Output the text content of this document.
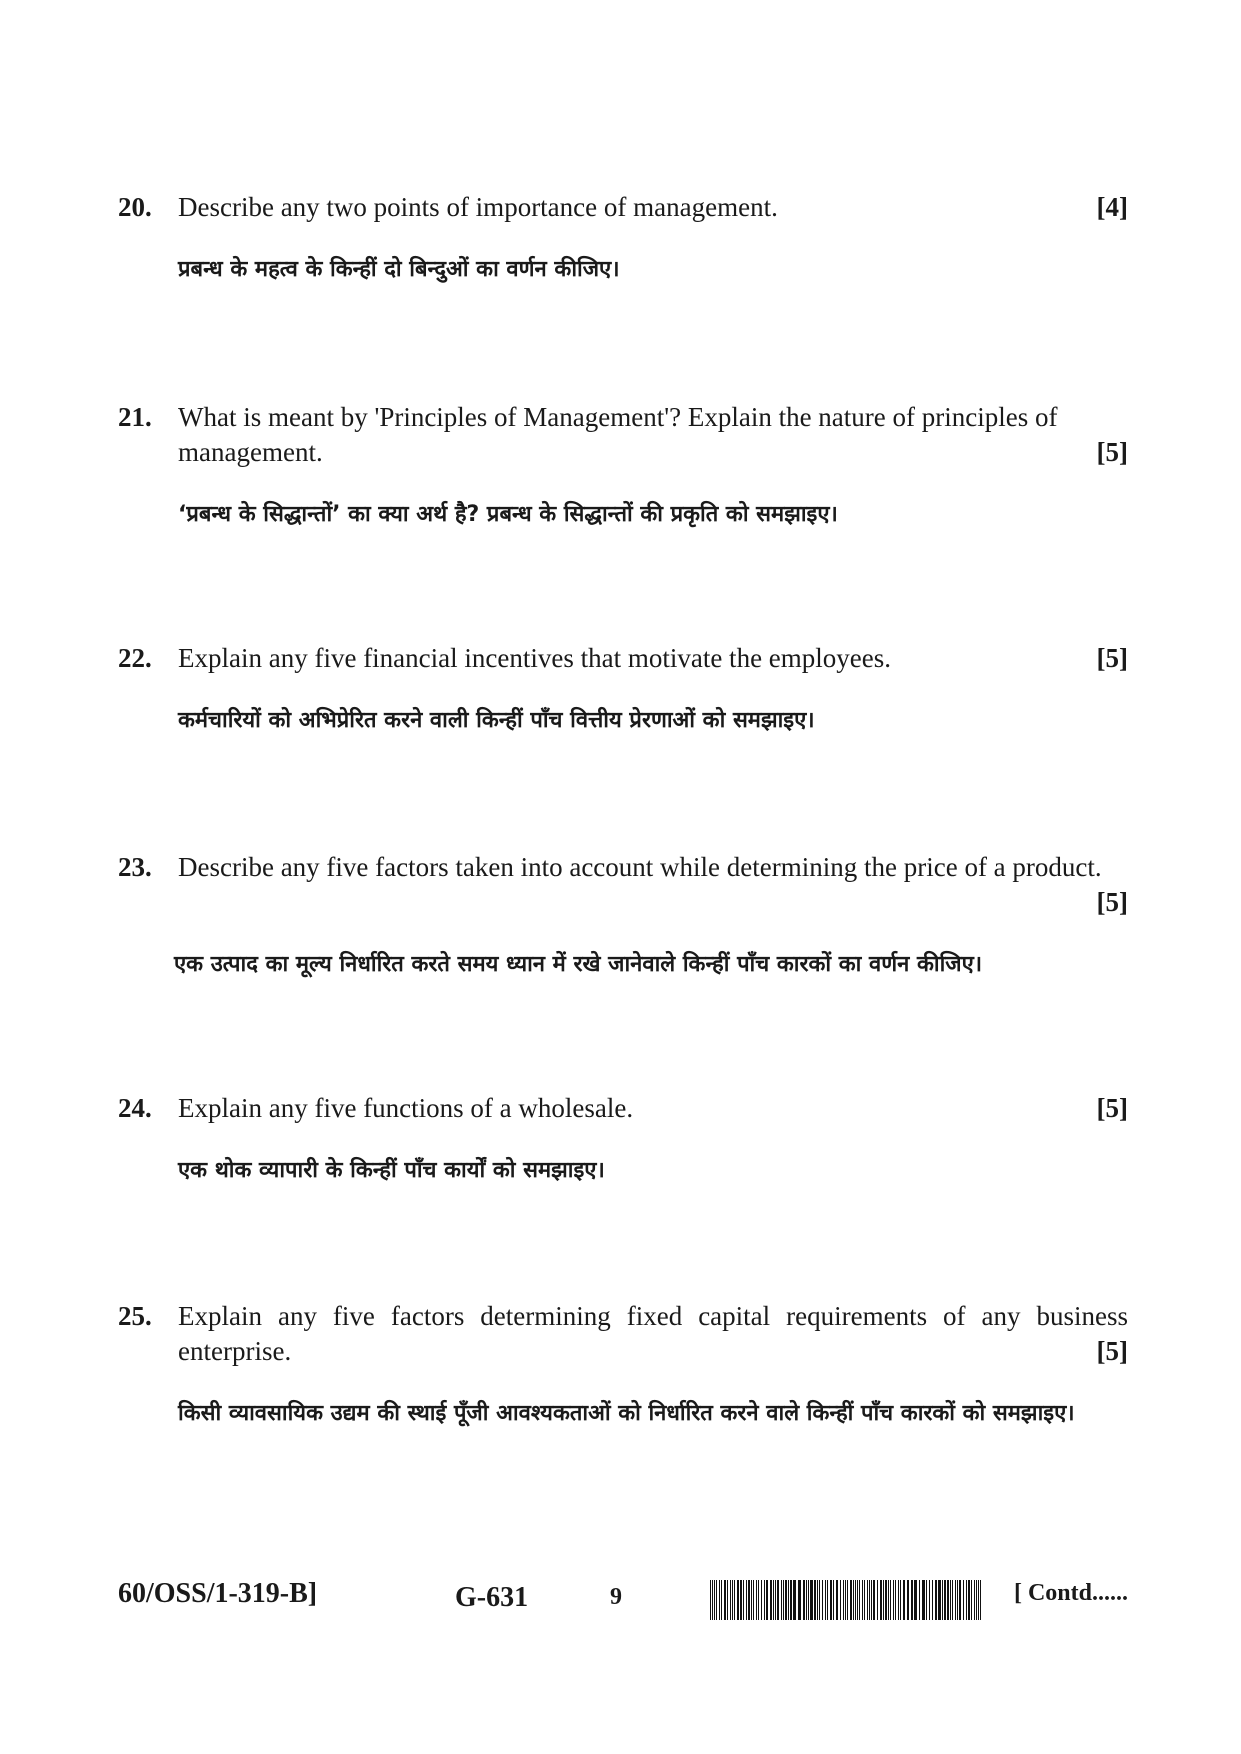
20. Describe any two points of importance of management.	[4]
प्रबन्ध के महत्व के किन्हीं दो बिन्दुओं का वर्णन कीजिए।
21. What is meant by 'Principles of Management'? Explain the nature of principles of
management.	[5]
‘प्रबन्ध के सिद्धान्तों’ का क्या अर्थ है? प्रबन्ध के सिद्धान्तों की प्रकृति को समझाइए।
22. Explain any five financial incentives that motivate the employees.	[5]
कर्मचारियों को अभिप्रेरित करने वाली किन्हीं पाँच वित्तीय प्रेरणाओं को समझाइए।
23. Describe any five factors taken into account while determining the price of a product.
[5]
एक उत्पाद का मूल्य निर्धारित करते समय ध्यान में रखे जानेवाले किन्हीं पाँच कारकों का वर्णन कीजिए।
24. Explain any five functions of a wholesale.	[5]
एक थोक व्यापारी के किन्हीं पाँच कार्यों को समझाइए।
25. Explain any five factors determining fixed capital requirements of any business
enterprise.	[5]
किसी व्यावसायिक उद्यम की स्थाई पूँजी आवश्यकताओं को निर्धारित करने वाले किन्हीं पाँच कारकों को समझाइए।
60/OSS/1-319-B]	G-631	9	[ Contd......
